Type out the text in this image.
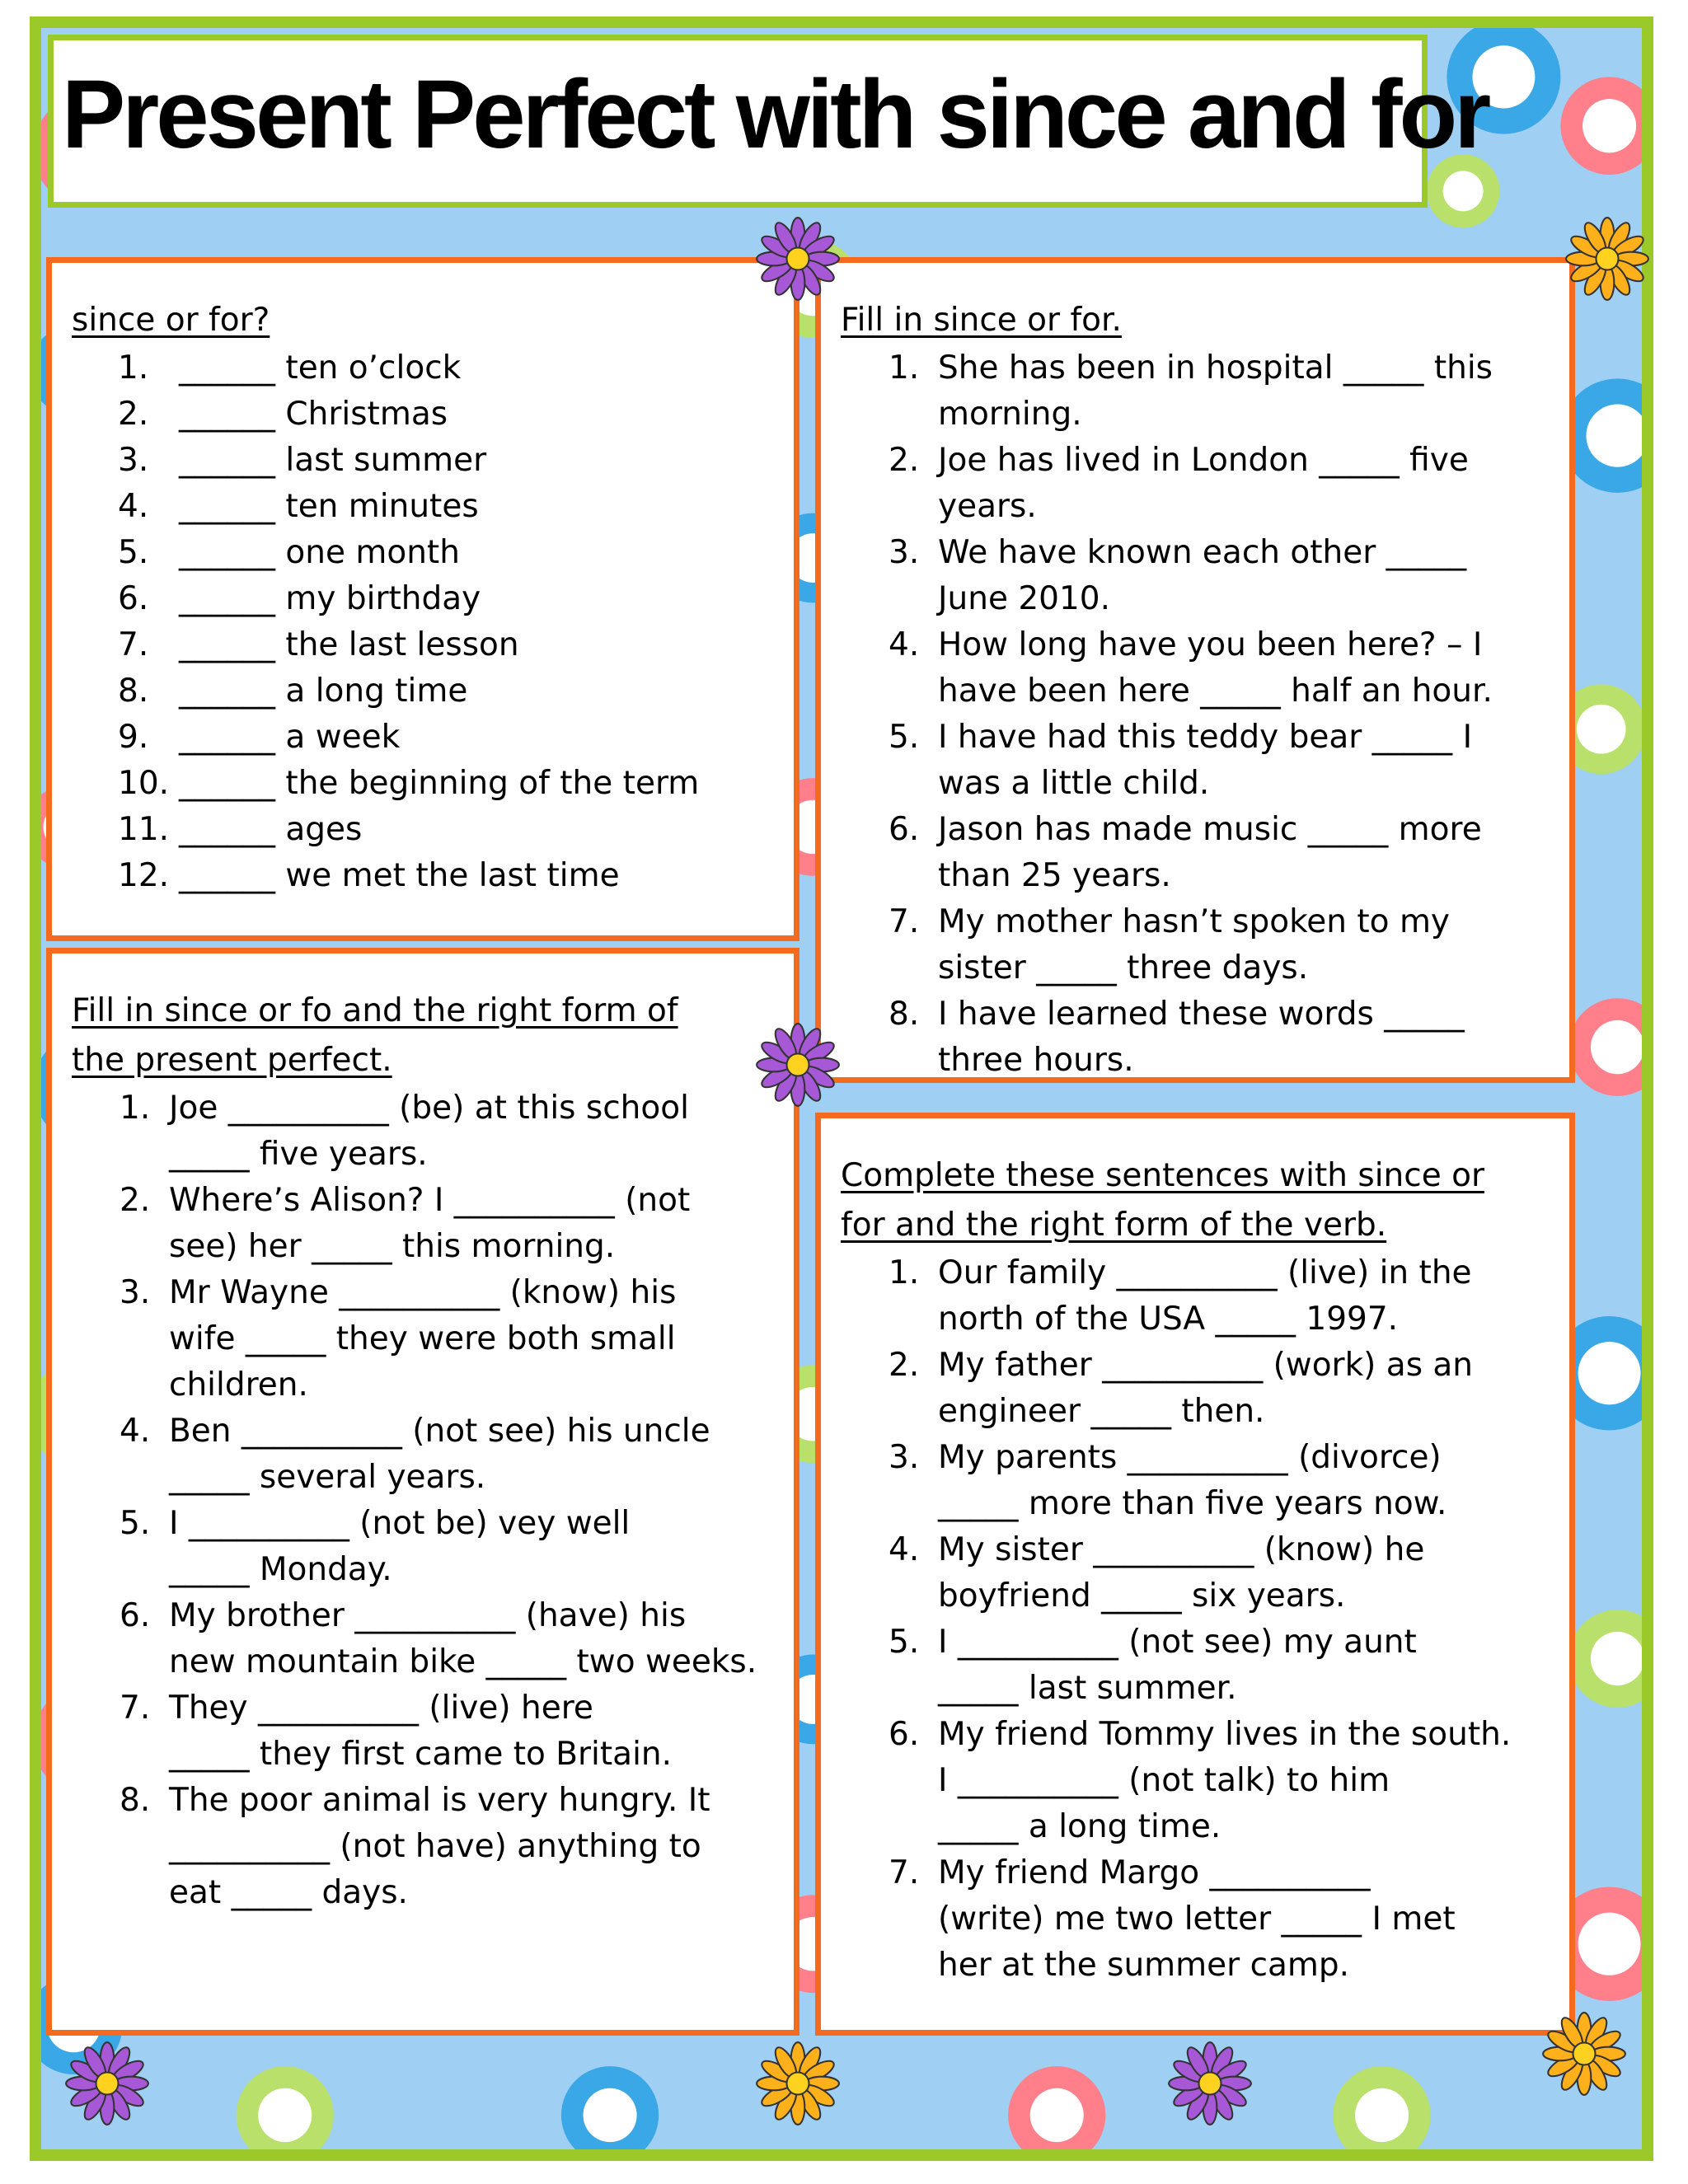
Present Perfect with since and for

since or for?

1. ______ ten o’clock
2. ______ Christmas
3. ______ last summer
4. ______ ten minutes
5. ______ one month
6. ______ my birthday
7. ______ the last lesson
8. ______ a long time
9. ______ a week
10. ______ the beginning of the term
11. ______ ages
12. ______ we met the last time

Fill in since or for.

1. She has been in hospital _____ this
morning.
2. Joe has lived in London _____ five
years.
3. We have known each other _____
June 2010.
4. How long have you been here? – I
have been here _____ half an hour.
5. I have had this teddy bear _____ I
was a little child.
6. Jason has made music _____ more
than 25 years.
7. My mother hasn’t spoken to my
sister _____ three days.
8. I have learned these words _____
three hours.

Fill in since or fo and the right form of

the present perfect.

1. Joe __________ (be) at this school
_____ five years.
2. Where’s Alison? I __________ (not
see) her _____ this morning.
3. Mr Wayne __________ (know) his
wife _____ they were both small
children.
4. Ben __________ (not see) his uncle
_____ several years.
5. I __________ (not be) vey well
_____ Monday.
6. My brother __________ (have) his
new mountain bike _____ two weeks.
7. They __________ (live) here
_____ they first came to Britain.
8. The poor animal is very hungry. It
__________ (not have) anything to
eat _____ days.

Complete these sentences with since or

for and the right form of the verb.

1. Our family __________ (live) in the
north of the USA _____ 1997.
2. My father __________ (work) as an
engineer _____ then.
3. My parents __________ (divorce)
_____ more than five years now.
4. My sister __________ (know) he
boyfriend _____ six years.
5. I __________ (not see) my aunt
_____ last summer.
6. My friend Tommy lives in the south.
I __________ (not talk) to him
_____ a long time.
7. My friend Margo __________
(write) me two letter _____ I met
her at the summer camp.
